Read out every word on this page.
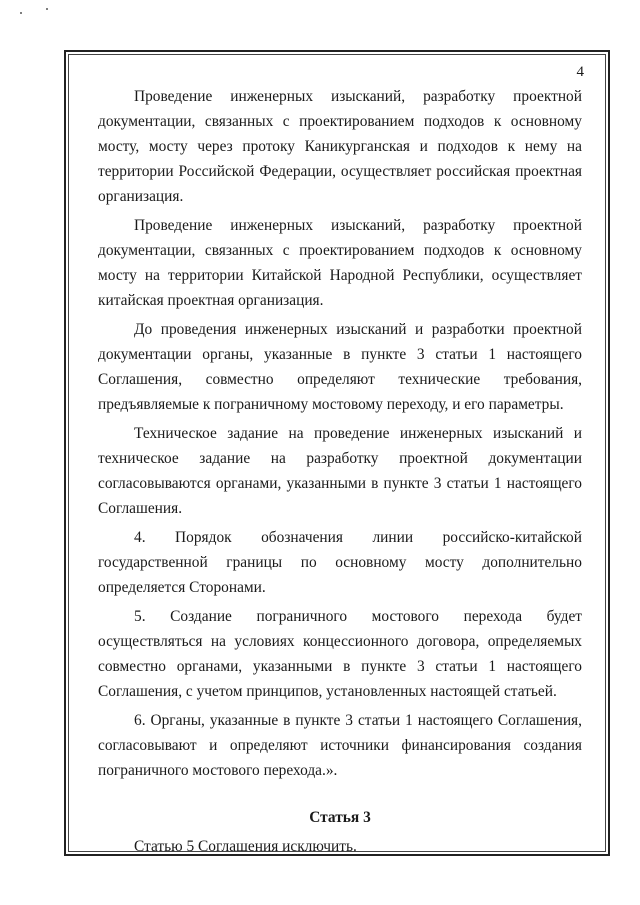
4

Проведение инженерных изысканий, разработку проектной документации, связанных с проектированием подходов к основному мосту, мосту через протоку Каникурганская и подходов к нему на территории Российской Федерации, осуществляет российская проектная организация.

Проведение инженерных изысканий, разработку проектной документации, связанных с проектированием подходов к основному мосту на территории Китайской Народной Республики, осуществляет китайская проектная организация.

До проведения инженерных изысканий и разработки проектной документации органы, указанные в пункте 3 статьи 1 настоящего Соглашения, совместно определяют технические требования, предъявляемые к пограничному мостовому переходу, и его параметры.

Техническое задание на проведение инженерных изысканий и техническое задание на разработку проектной документации согласовываются органами, указанными в пункте 3 статьи 1 настоящего Соглашения.

4. Порядок обозначения линии российско-китайской государственной границы по основному мосту дополнительно определяется Сторонами.

5. Создание пограничного мостового перехода будет осуществляться на условиях концессионного договора, определяемых совместно органами, указанными в пункте 3 статьи 1 настоящего Соглашения, с учетом принципов, установленных настоящей статьей.

6. Органы, указанные в пункте 3 статьи 1 настоящего Соглашения, согласовывают и определяют источники финансирования создания пограничного мостового перехода.».

Статья 3

Статью 5 Соглашения исключить.
